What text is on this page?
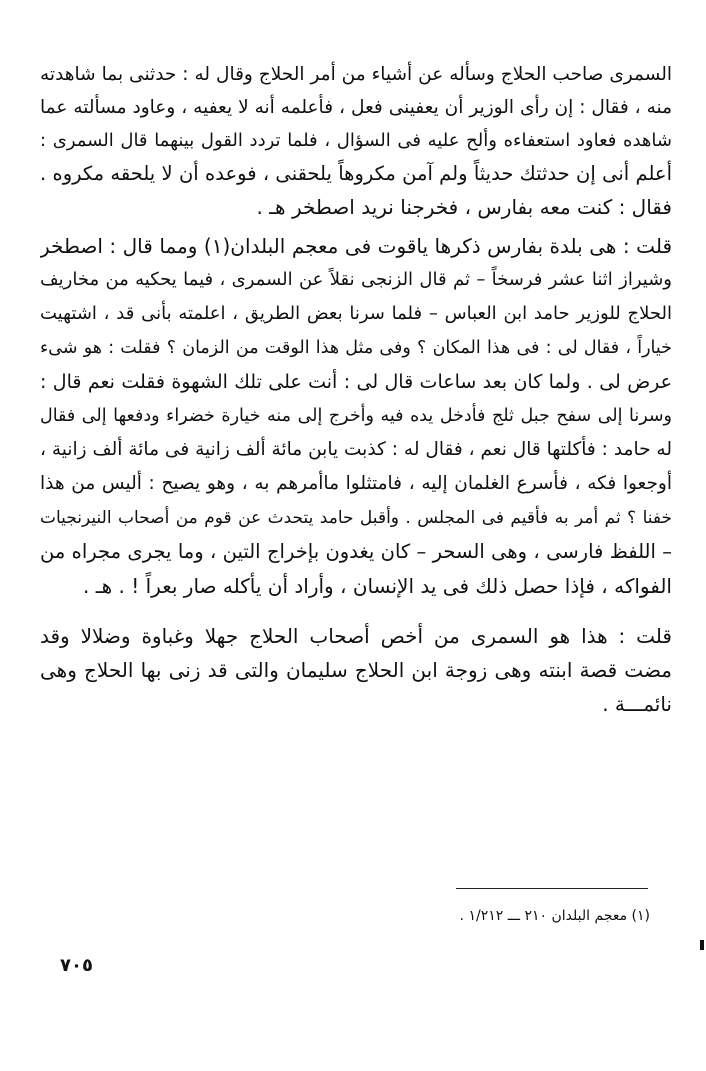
السمرى صاحب الحلاج وسأله عن أشياء من أمر الحلاج وقال له : حدثنى بما شاهدته
منه ، فقال : إن رأى الوزير أن يعفينى فعل ، فأعلمه أنه لا يعفيه ، وعاود مسألته عما
شاهده فعاود استعفاءه وألح عليه فى السؤال ، فلما تردد القول بينهما قال السمرى :
أعلم أنى إن حدثتك حديثاً ولم آمن مكروهاً يلحقنى ، فوعده أن لا يلحقه مكروه .
فقال : كنت معه بفارس ، فخرجنا نريد اصطخر هـ .
قلت : هى بلدة بفارس ذكرها ياقوت فى معجم البلدان(١) ومما قال : اصطخر
وشيراز اثنا عشر فرسخاً – ثم قال الزنجى نقلاً عن السمرى ، فيما يحكيه من مخاريف
الحلاج للوزير حامد ابن العباس – فلما سرنا بعض الطريق ، اعلمته بأنى قد ، اشتهيت
خياراً ، فقال لى : فى هذا المكان ؟ وفى مثل هذا الوقت من الزمان ؟ فقلت : هو شىء
عرض لى . ولما كان بعد ساعات قال لى : أنت على تلك الشهوة فقلت نعم قال :
وسرنا إلى سفح جبل ثلج فأدخل يده فيه وأخرج إلى منه خيارة خضراء ودفعها إلى فقال
له حامد : فأكلتها قال نعم ، فقال له : كذبت يابن مائة ألف زانية فى مائة ألف زانية ،
أوجعوا فكه ، فأسرع الغلمان إليه ، فامتثلوا ماأمرهم به ، وهو يصيح : أليس من هذا
خفنا ؟ ثم أمر به فأقيم فى المجلس . وأقبل حامد يتحدث عن قوم من أصحاب النيرنجيات
– اللفظ فارسى ، وهى السحر – كان يغدون بإخراج التين ، وما يجرى مجراه من
الفواكه ، فإذا حصل ذلك فى يد الإنسان ، وأراد أن يأكله صار بعراً ! . هـ .
قلت : هذا هو السمرى من أخص أصحاب الحلاج جهلا وغباوة وضلالا وقد
مضت قصة ابنته وهى زوجة ابن الحلاج سليمان والتى قد زنى بها الحلاج وهى
نائمـــة .
(١) معجم البلدان ٢١٠ ـــ ١/٢١٢ .
٧٠٥
